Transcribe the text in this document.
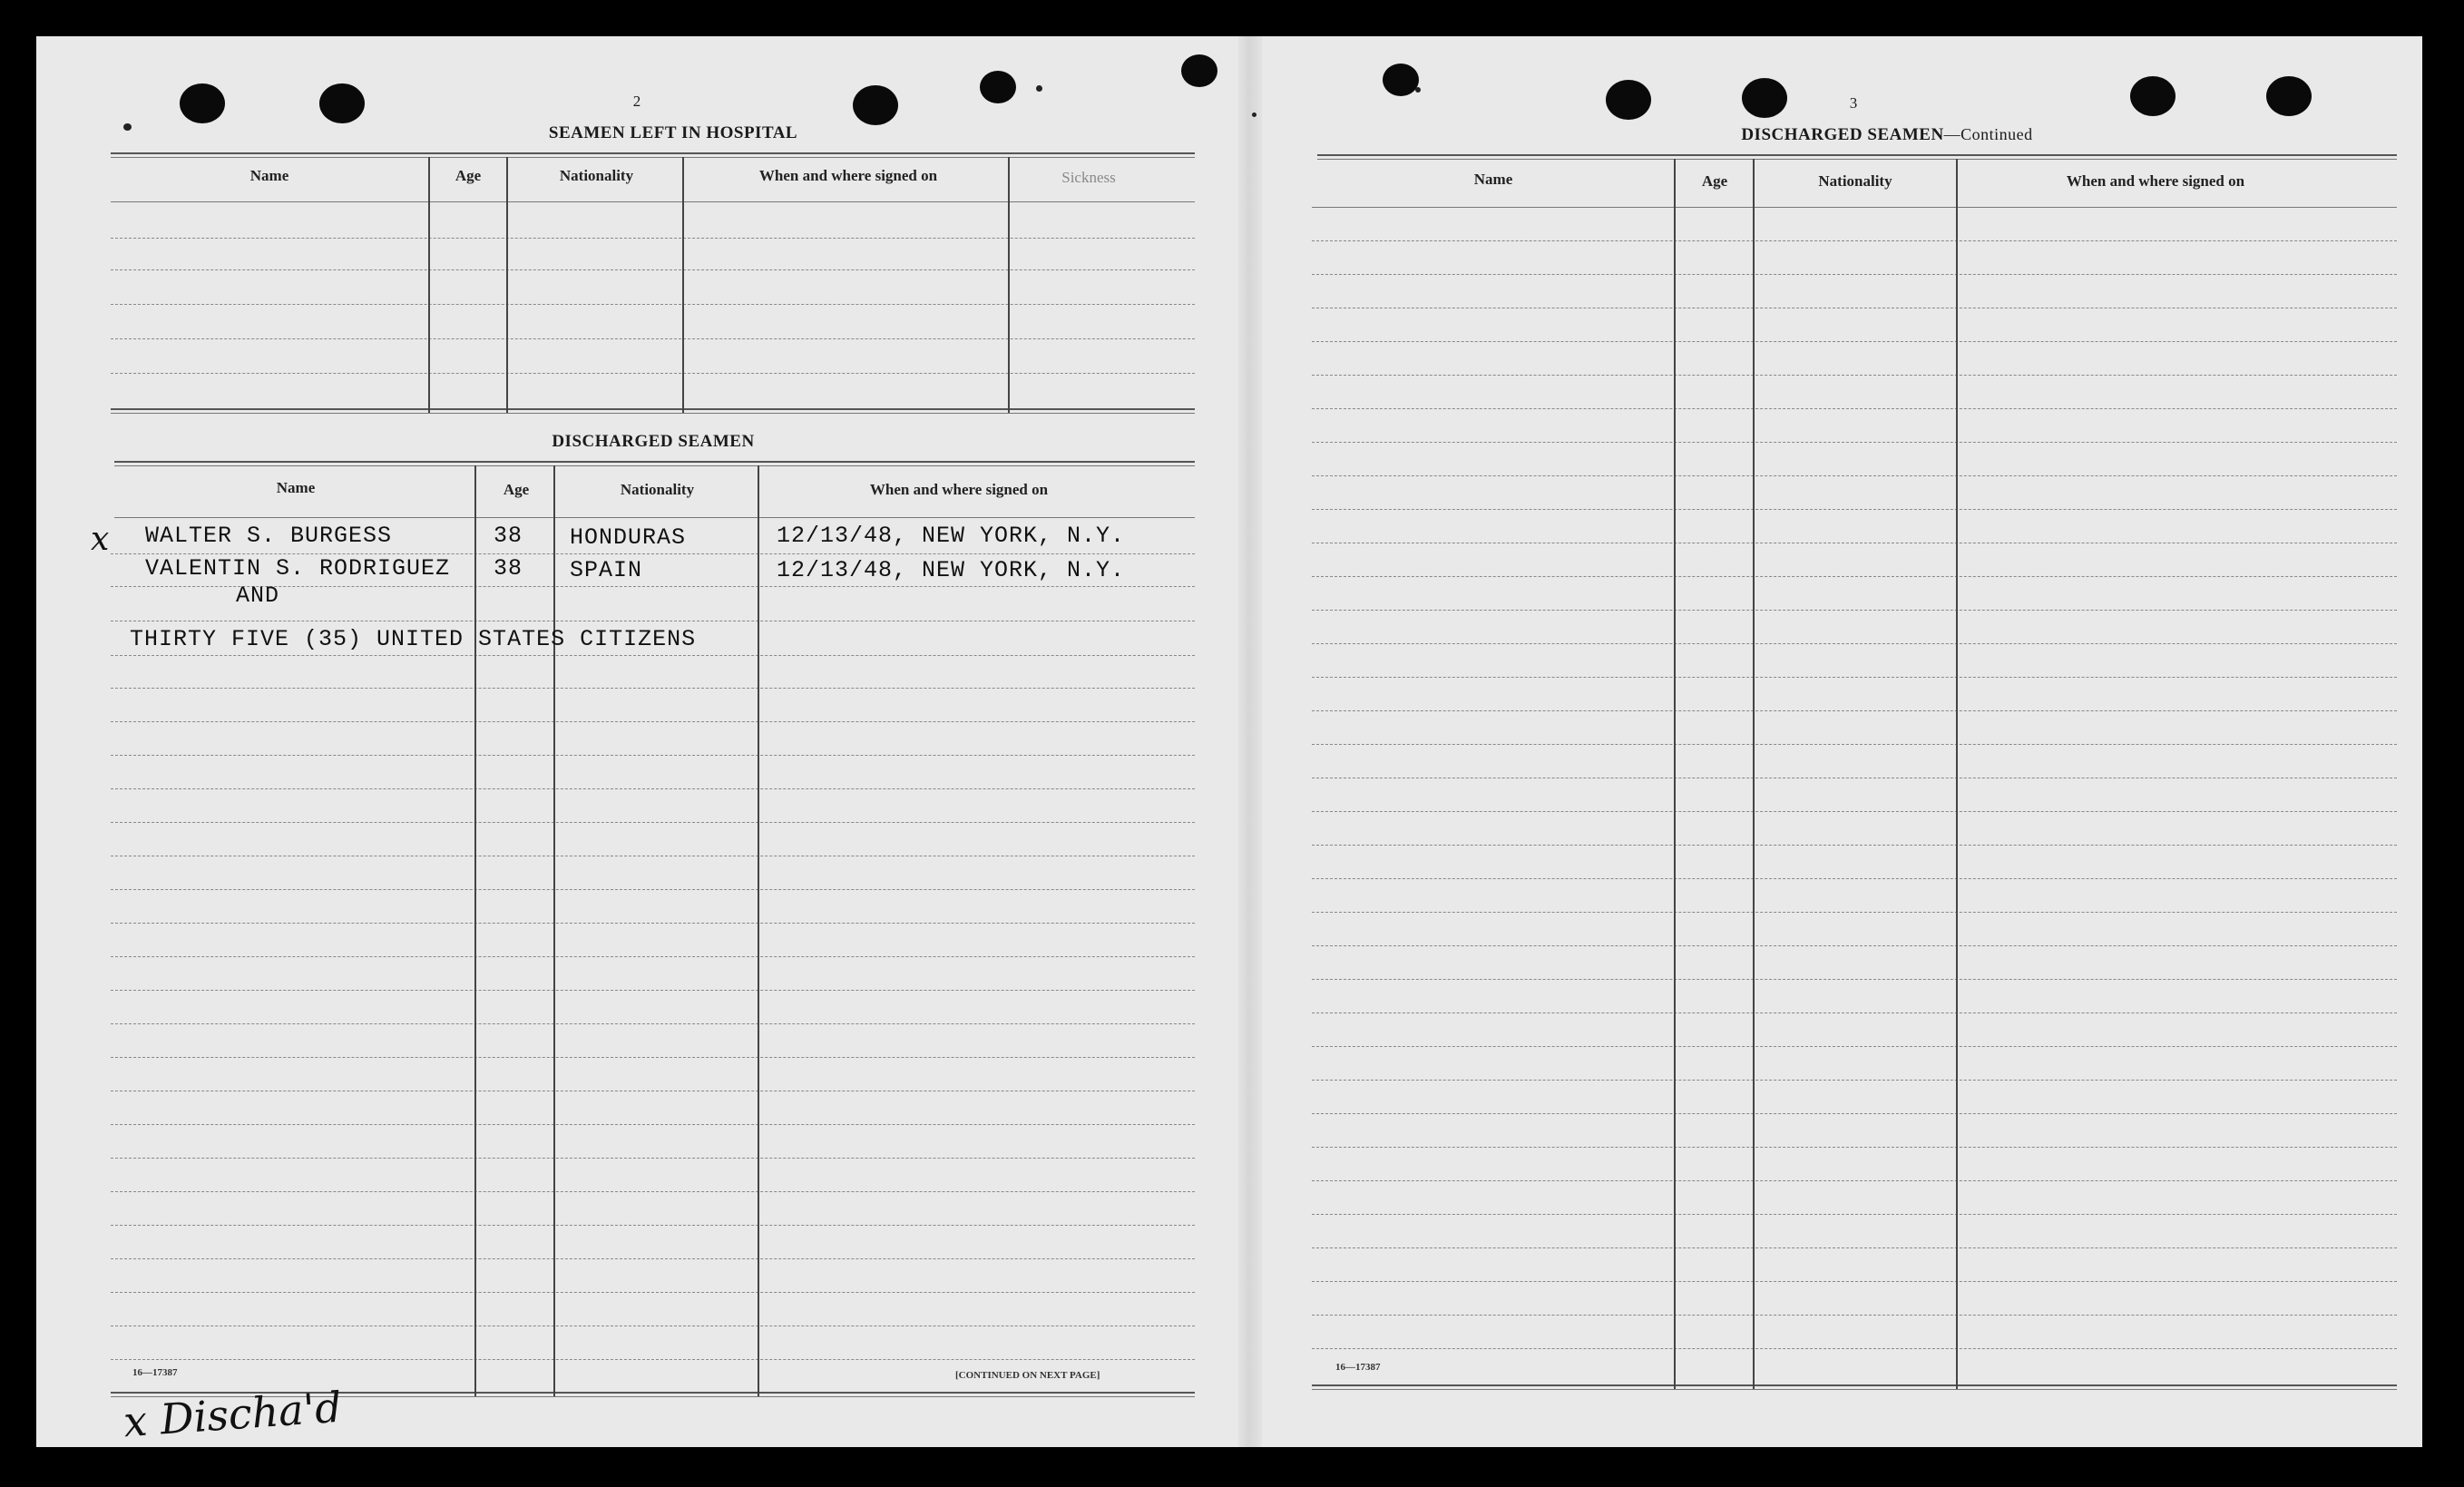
2
SEAMEN LEFT IN HOSPITAL
Name	Age	Nationality	When and where signed on	Sickness
DISCHARGED SEAMEN
Name	Age	Nationality	When and where signed on
x WALTER S. BURGESS	38 HONDURAS	12/13/48, NEW YORK, N.Y.
VALENTIN S. RODRIGUEZ 38 SPAIN	12/13/48, NEW YORK, N.Y.
AND
THIRTY FIVE (35) UNITED STATES CITIZENS
16—17387	[CONTINUED ON NEXT PAGE]
x Discha'd
3
DISCHARGED SEAMEN—Continued
Name	Age	Nationality	When and where signed on
16—17387
